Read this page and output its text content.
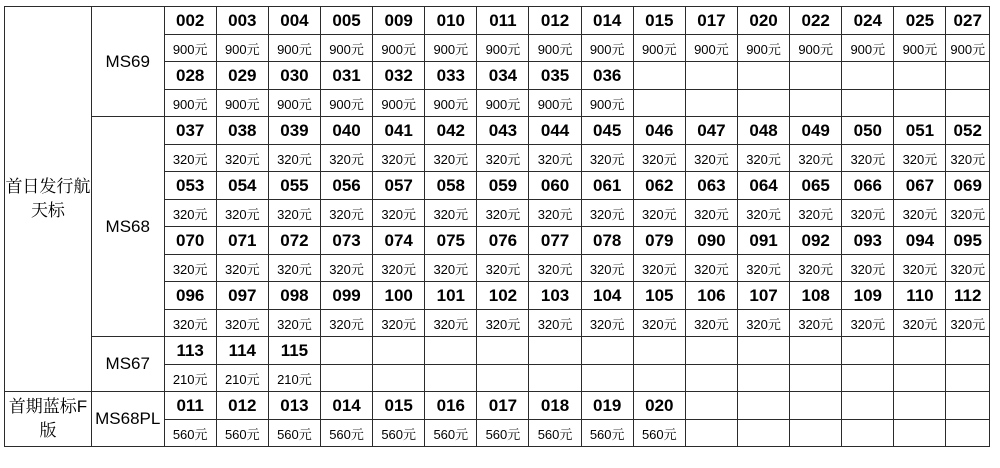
首日发行航天标	MS69	002	003	004	005	009	010	011	012	014	015	017	020	022	024	025	027
		900元	900元	900元	900元	900元	900元	900元	900元	900元	900元	900元	900元	900元	900元	900元	900元
		028	029	030	031	032	033	034	035	036							
		900元	900元	900元	900元	900元	900元	900元	900元	900元							
	MS68	037	038	039	040	041	042	043	044	045	046	047	048	049	050	051	052
		320元	320元	320元	320元	320元	320元	320元	320元	320元	320元	320元	320元	320元	320元	320元	320元
		053	054	055	056	057	058	059	060	061	062	063	064	065	066	067	069
		320元	320元	320元	320元	320元	320元	320元	320元	320元	320元	320元	320元	320元	320元	320元	320元
		070	071	072	073	074	075	076	077	078	079	090	091	092	093	094	095
		320元	320元	320元	320元	320元	320元	320元	320元	320元	320元	320元	320元	320元	320元	320元	320元
		096	097	098	099	100	101	102	103	104	105	106	107	108	109	110	112
		320元	320元	320元	320元	320元	320元	320元	320元	320元	320元	320元	320元	320元	320元	320元	320元
	MS67	113	114	115													
		210元	210元	210元													
首期蓝标F版	MS68PL	011	012	013	014	015	016	017	018	019	020						
		560元	560元	560元	560元	560元	560元	560元	560元	560元	560元						
